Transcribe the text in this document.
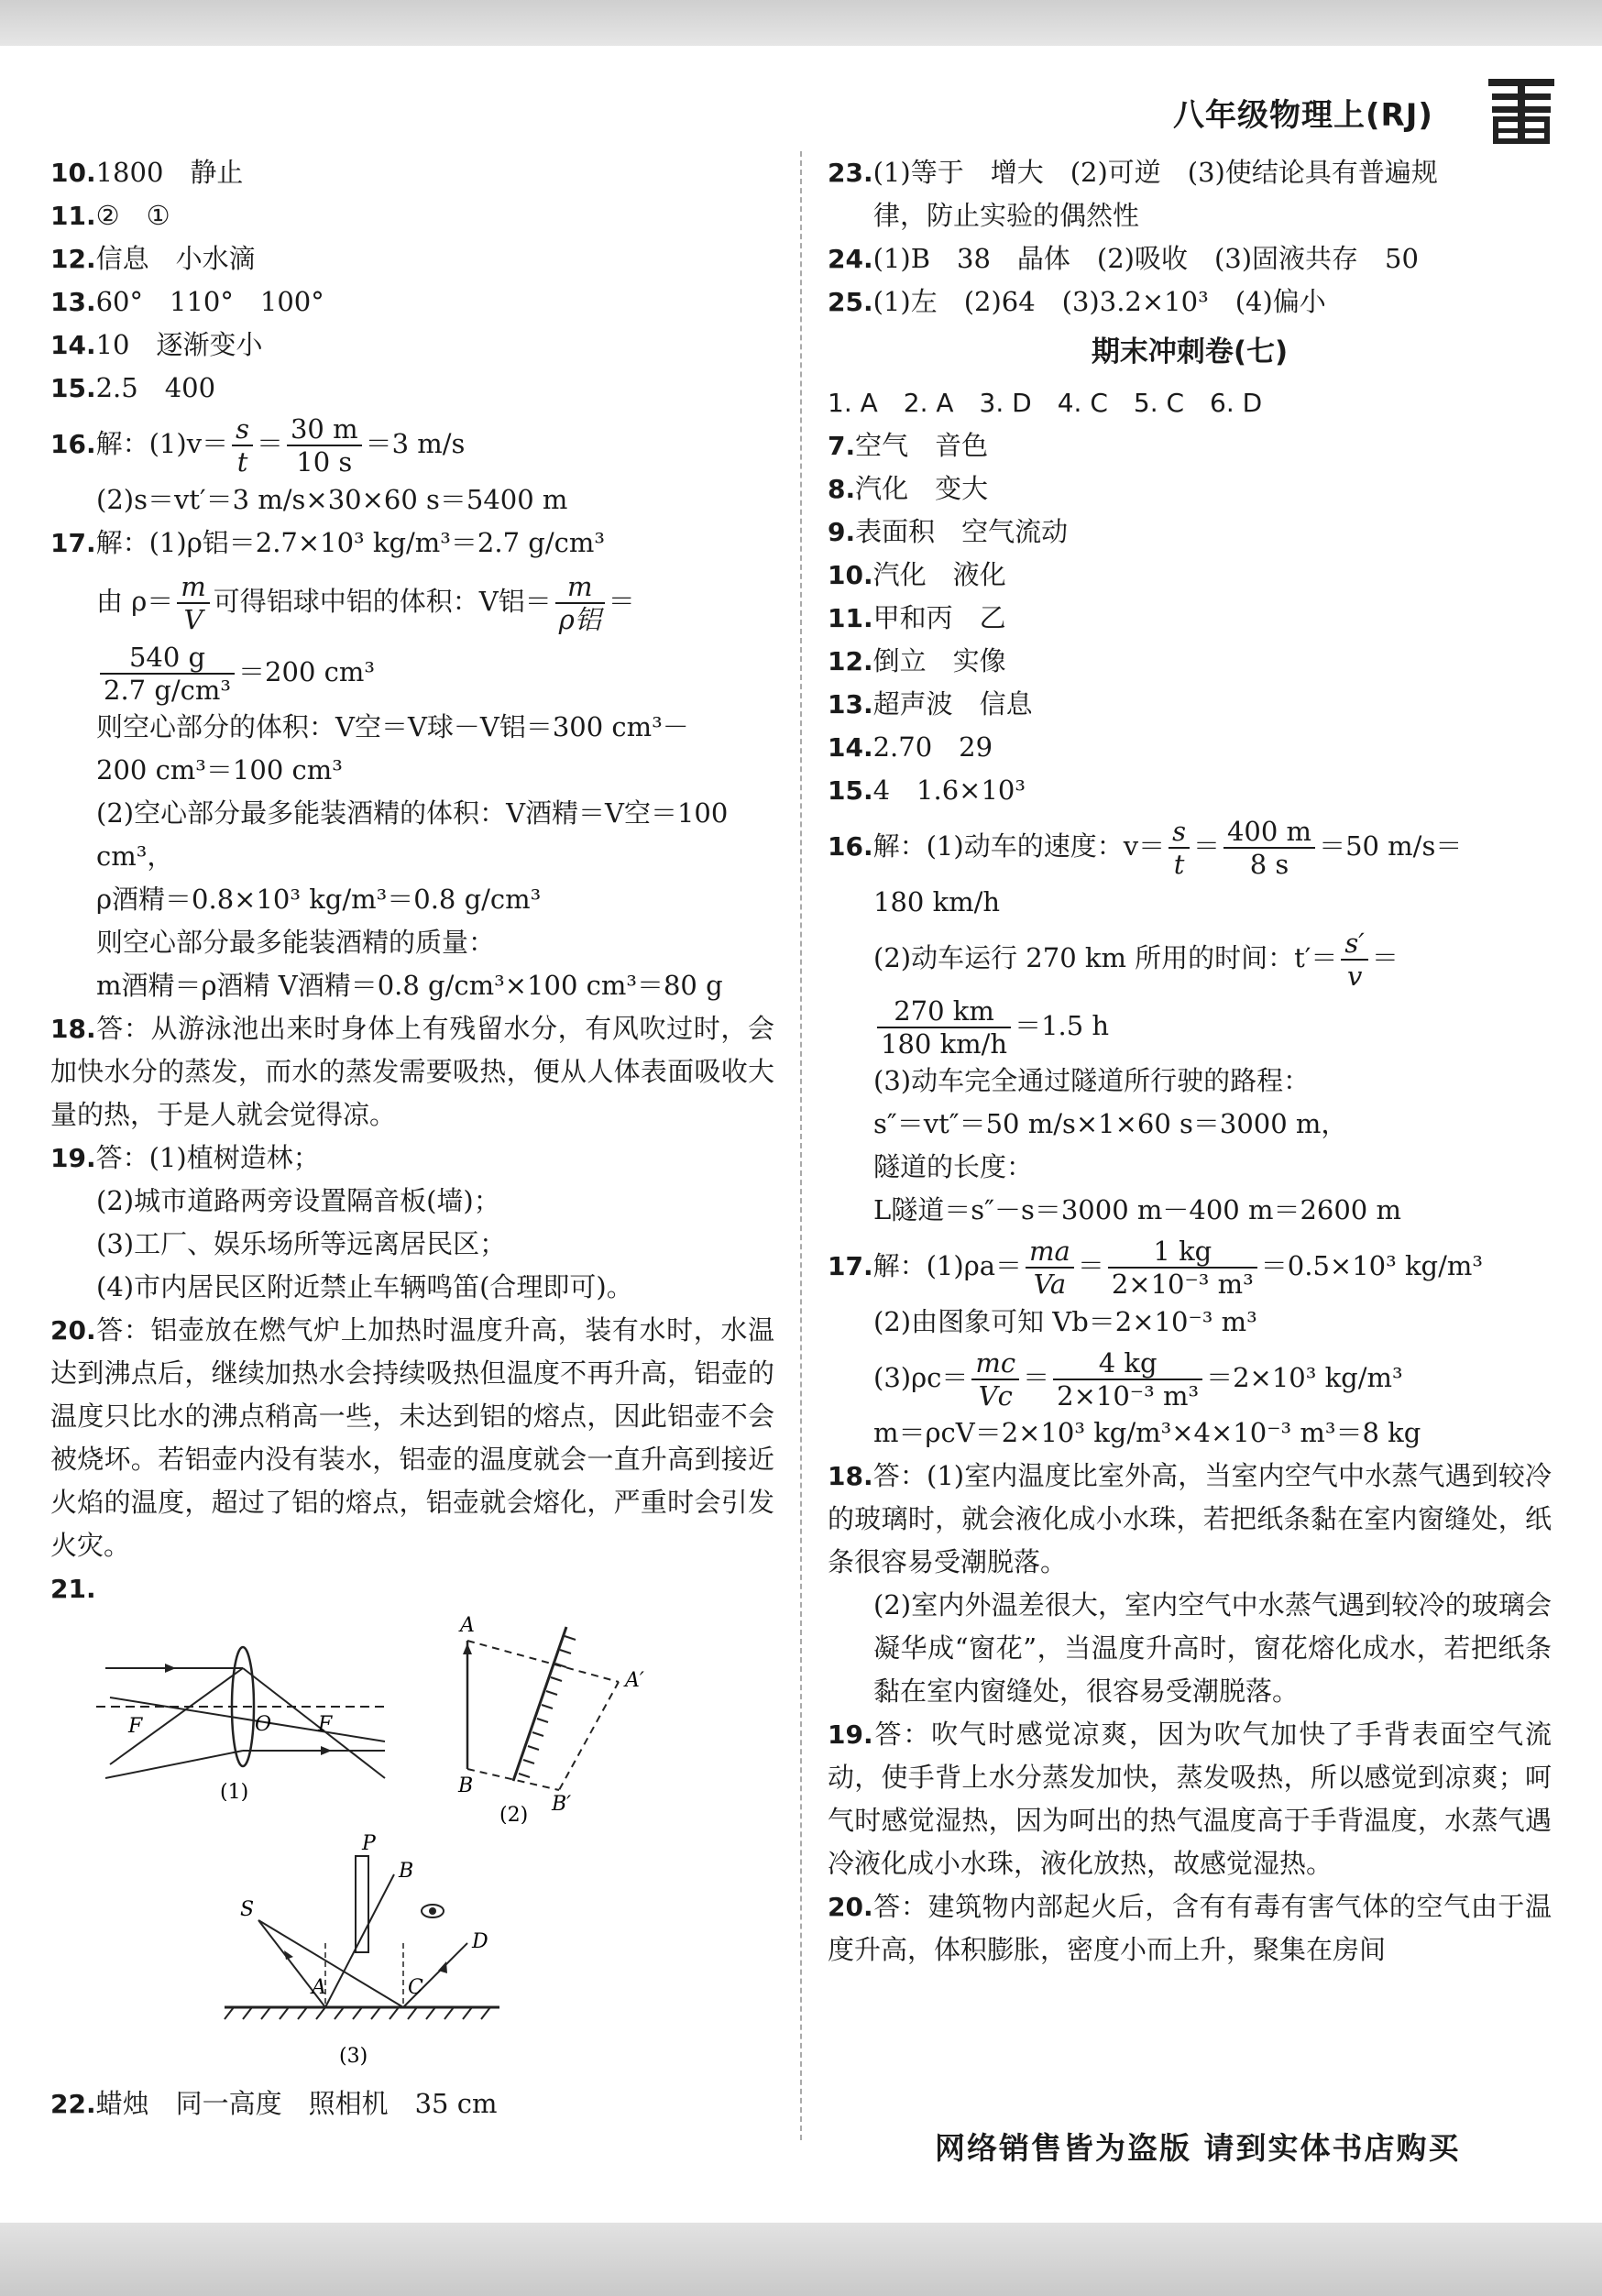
八年级物理上(RJ)
10.1800　静止
11.②　①
12.信息　小水滴
13.60°　110°　100°
14.10　逐渐变小
15.2.5　400
16.解：$(1)v= \frac{s}{t} = \frac{30 m}{10 s} =3$ m/s
(2)s＝vt′＝3 m/s×30×60 s＝5400 m
17.解：(1)ρ铝＝2.7×10³ kg/m³＝2.7 g/cm³
由 $\rho= \frac{m}{V}$ 可得铝球中铝的体积：V铝＝ $\frac{m}{\text{ρ铝}}$ ＝
$\frac{540 g}{\text{2.7 g/cm³}} =200$ cm³
则空心部分的体积：V空＝V球－V铝＝300 cm³－
200 cm³＝100 cm³
(2)空心部分最多能装酒精的体积：V酒精＝V空＝100
cm³，
ρ酒精＝0.8×10³ kg/m³＝0.8 g/cm³
则空心部分最多能装酒精的质量：
m酒精＝ρ酒精 V酒精＝0.8 g/cm³×100 cm³＝80 g
18.答：从游泳池出来时身体上有残留水分，有风吹过时，会加快水分的蒸发，而水的蒸发需要吸热，便从人体表面吸收大量的热，于是人就会觉得凉。
19.答：(1)植树造林；
(2)城市道路两旁设置隔音板(墙)；
(3)工厂、娱乐场所等远离居民区；
(4)市内居民区附近禁止车辆鸣笛(合理即可)。
20.答：铝壶放在燃气炉上加热时温度升高，装有水时，水温达到沸点后，继续加热水会持续吸热但温度不再升高，铝壶的温度只比水的沸点稍高一些，未达到铝的熔点，因此铝壶不会被烧坏。若铝壶内没有装水，铝壶的温度就会一直升高到接近火焰的温度，超过了铝的熔点，铝壶就会熔化，严重时会引发火灾。
21.
F	O F
(1)
A
A′
B
B′
(2)
P
S
B
D
A	C
(3)
22.蜡烛　同一高度　照相机　35 cm
23.(1)等于　增大　(2)可逆　(3)使结论具有普遍规
律，防止实验的偶然性
24.(1)B　38　晶体　(2)吸收　(3)固液共存　50
25.(1)左　(2)64　(3)3.2×10³　(4)偏小
期末冲刺卷(七)
1. A　2. A　3. D　4. C　5. C　6. D
7.空气　音色
8.汽化　变大
9.表面积　空气流动
10.汽化　液化
11.甲和丙　乙
12.倒立　实像
13.超声波　信息
14.2.70　29
15.4　1.6×10³
16.解：(1)动车的速度：$v= \frac{s}{t} = \frac{400 m}{8 s} =50$ m/s＝
180 km/h
(2)动车运行 270 km 所用的时间：$t'= \frac{s'}{v}$ ＝
$\frac{270 km}{180 km/h} =1.5$ h
(3)动车完全通过隧道所行驶的路程：
s″＝vt″＝50 m/s×1×60 s＝3000 m，
隧道的长度：
L隧道＝s″－s＝3000 m－400 m＝2600 m
17.解：$(1)\rho a= \frac{ma}{Va} = \frac{1 kg}{\text{2×10⁻³ m³}} =0.5\times 10^3$ kg/m³
(2)由图象可知 Vb＝2×10⁻³ m³
$(3)\rho c= \frac{mc}{Vc} = \frac{4 kg}{\text{2×10⁻³ m³}} =2\times 10^3$ kg/m³
m＝ρcV＝2×10³ kg/m³×4×10⁻³ m³＝8 kg
18.答：(1)室内温度比室外高，当室内空气中水蒸气遇到较冷的玻璃时，就会液化成小水珠，若把纸条黏在室内窗缝处，纸条很容易受潮脱落。
(2)室内外温差很大，室内空气中水蒸气遇到较冷的玻璃会凝华成“窗花”，当温度升高时，窗花熔化成水，若把纸条黏在室内窗缝处，很容易受潮脱落。
19.答：吹气时感觉凉爽，因为吹气加快了手背表面空气流动，使手背上水分蒸发加快，蒸发吸热，所以感觉到凉爽；呵气时感觉湿热，因为呵出的热气温度高于手背温度，水蒸气遇冷液化成小水珠，液化放热，故感觉湿热。
20.答：建筑物内部起火后，含有有毒有害气体的空气由于温度升高，体积膨胀，密度小而上升，聚集在房间
网络销售皆为盗版 请到实体书店购买
